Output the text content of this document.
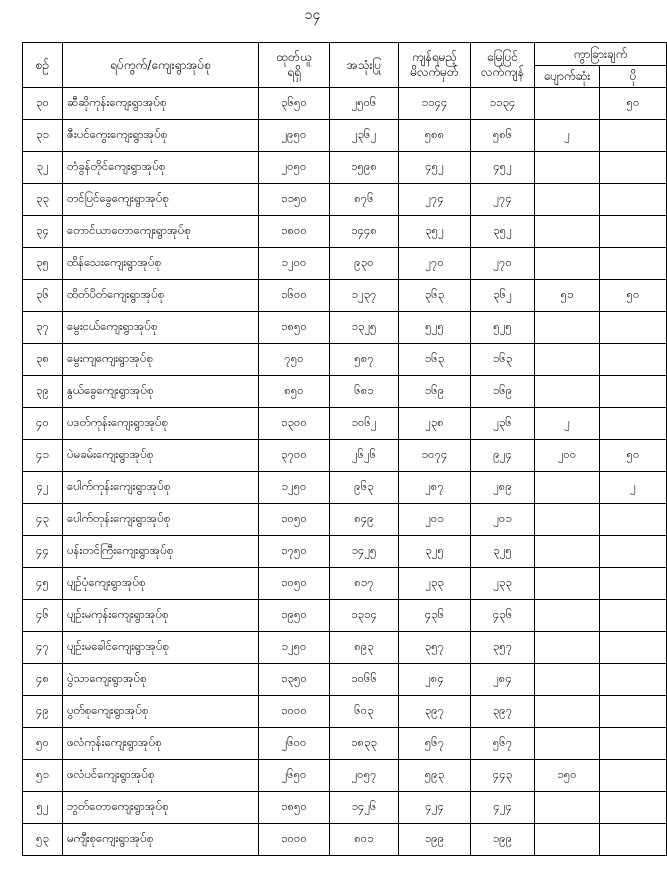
၁၄
စဉ်	ရပ်ကွက်/ကျေးရွာအုပ်စု	ထုတ်ယူ
ရရှိ	အသုံးပြု	ကျန်ရမည့်
မိလက်မှတ်	မြေပြင်
လက်ကျန်	ကွာခြားချက်	
						ပျောက်ဆုံး	ပို
၃၀	ဆီဆိုကုန်းကျေးရွာအုပ်စု	၃၆၅၀	၂၅၀၆	၁၁၄၄	၁၁၃၄		၅၀
၃၁	ဇီးပင်ကွေးကျေးရွာအုပ်စု	၂၉၅၀	၂၃၆၂	၅၈၈	၅၈၆	၂	
၃၂	တံခွန်တိုင်ကျေးရွာအုပ်စု	၂၀၅၀	၁၅၉၈	၄၅၂	၄၅၂		
၃၃	တင်ပြင်ခွေကျေးရွာအုပ်စု	၁၁၅၀	၈၇၆	၂၇၄	၂၇၄		
၃၄	တောင်ယာတောကျေးရွာအုပ်စု	၁၈၀၀	၁၄၄၈	၃၅၂	၃၅၂		
၃၅	ထိန်သေးကျေးရွာအုပ်စု	၁၂၀၀	၉၃၀	၂၇၀	၂၇၀		
၃၆	ထိတ်ပိတ်ကျေးရွာအုပ်စု	၁၆၀၀	၁၂၃၇	၃၆၃	၃၆၂	၅၁	၅၀
၃၇	မွေးငယ်ကျေးရွာအုပ်စု	၁၈၅၀	၁၃၂၅	၅၂၅	၅၂၅		
၃၈	မွေးကျကျေးရွာအုပ်စု	၇၅၀	၅၈၇	၁၆၃	၁၆၃		
၃၉	နွယ်ခွေကျေးရွာအုပ်စု	၈၅၀	၆၈၁	၁၆၉	၁၆၉		
၄၀	ပဒတ်ကုန်းကျေးရွာအုပ်စု	၁၃၀၀	၁၀၆၂	၂၃၈	၂၃၆	၂	
၄၁	ပဲမခမ်းကျေးရွာအုပ်စု	၃၇၀၀	၂၆၂၆	၁၀၇၄	၉၂၄	၂၀၀	၅၀
၄၂	ပေါက်ကုန်းကျေးရွာအုပ်စု	၁၂၅၀	၉၆၃	၂၈၇	၂၈၉		၂
၄၃	ပေါက်တုန်းကျေးရွာအုပ်စု	၁၀၅၀	၈၄၉	၂၀၁	၂၀၁		
၄၄	ပန်းတင်ကြီးကျေးရွာအုပ်စု	၁၇၅၀	၁၄၂၅	၃၂၅	၃၂၅		
၄၅	ပျဉ်ပုံကျေးရွာအုပ်စု	၁၀၅၀	၈၁၇	၂၃၃	၂၃၃		
၄၆	ပျဉ်းမကုန်းကျေးရွာအုပ်စု	၁၉၅၀	၁၃၁၄	၄၃၆	၄၃၆		
၄၇	ပျဉ်းမခေါင်ကျေးရွာအုပ်စု	၁၂၅၀	၈၉၃	၃၅၇	၃၅၇		
၄၈	ပွဲသာကျေးရွာအုပ်စု	၁၃၅၀	၁၀၆၆	၂၈၄	၂၈၄		
၄၉	ပွတ်စုကျေးရွာအုပ်စု	၁၀၀၀	၆၀၃	၃၉၇	၃၉၇		
၅၀	ဖလံကုန်းကျေးရွာအုပ်စု	၂၆၀၀	၁၈၃၃	၅၆၇	၅၆၇		
၅၁	ဖလံပင်ကျေးရွာအုပ်စု	၂၆၅၀	၂၀၅၇	၅၉၃	၄၄၃	၁၅၀	
၅၂	ဘွတ်တောကျေးရွာအုပ်စု	၁၈၅၀	၁၄၂၆	၄၂၄	၄၂၄		
၅၃	မကျီးစုကျေးရွာအုပ်စု	၁၀၀၀	၈၀၁	၁၉၉	၁၉၉		
